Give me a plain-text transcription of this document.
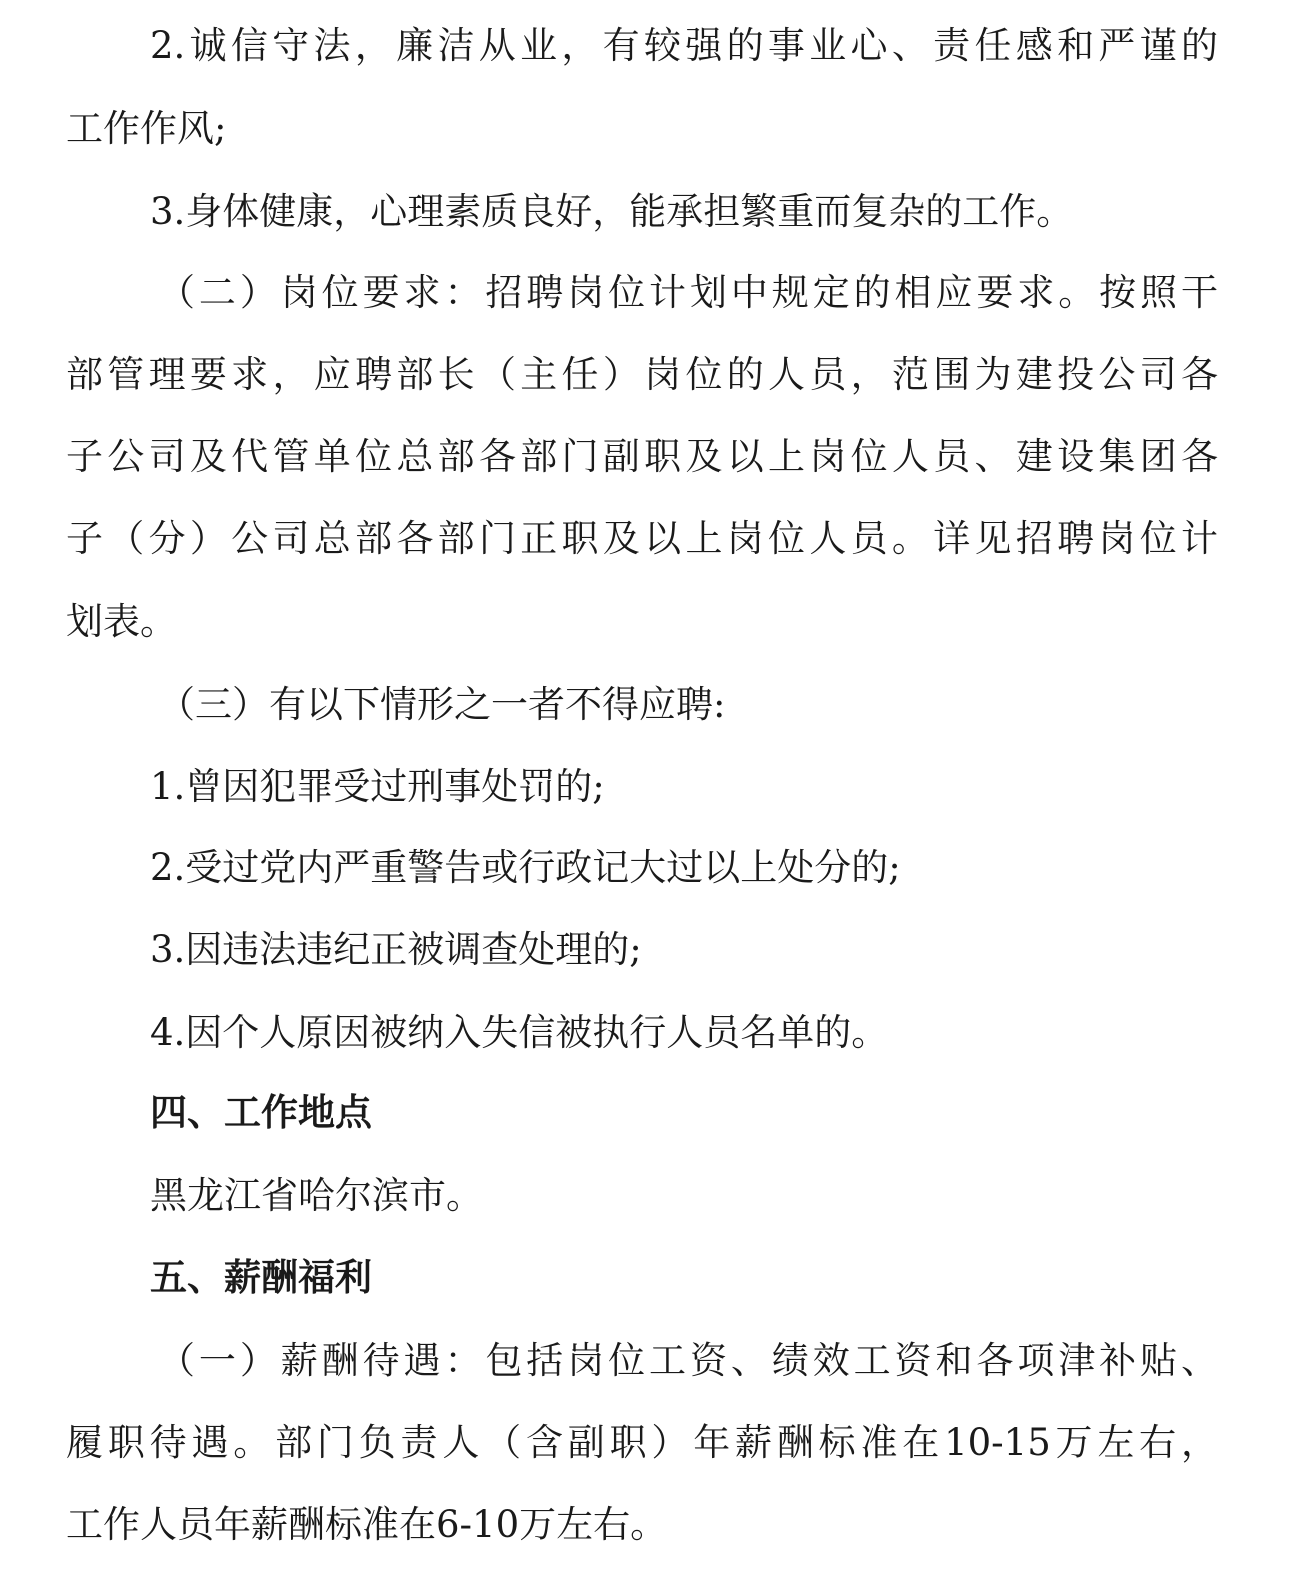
2.诚信守法，廉洁从业，有较强的事业心、责任感和严谨的
工作作风;
3.身体健康，心理素质良好，能承担繁重而复杂的工作。
（二）岗位要求：招聘岗位计划中规定的相应要求。按照干
部管理要求，应聘部长（主任）岗位的人员，范围为建投公司各
子公司及代管单位总部各部门副职及以上岗位人员、建设集团各
子（分）公司总部各部门正职及以上岗位人员。详见招聘岗位计
划表。
（三）有以下情形之一者不得应聘:
1.曾因犯罪受过刑事处罚的;
2.受过党内严重警告或行政记大过以上处分的;
3.因违法违纪正被调查处理的;
4.因个人原因被纳入失信被执行人员名单的。
四、工作地点
黑龙江省哈尔滨市。
五、薪酬福利
（一）薪酬待遇：包括岗位工资、绩效工资和各项津补贴、
履职待遇。部门负责人（含副职）年薪酬标准在10-15万左右，
工作人员年薪酬标准在6-10万左右。
